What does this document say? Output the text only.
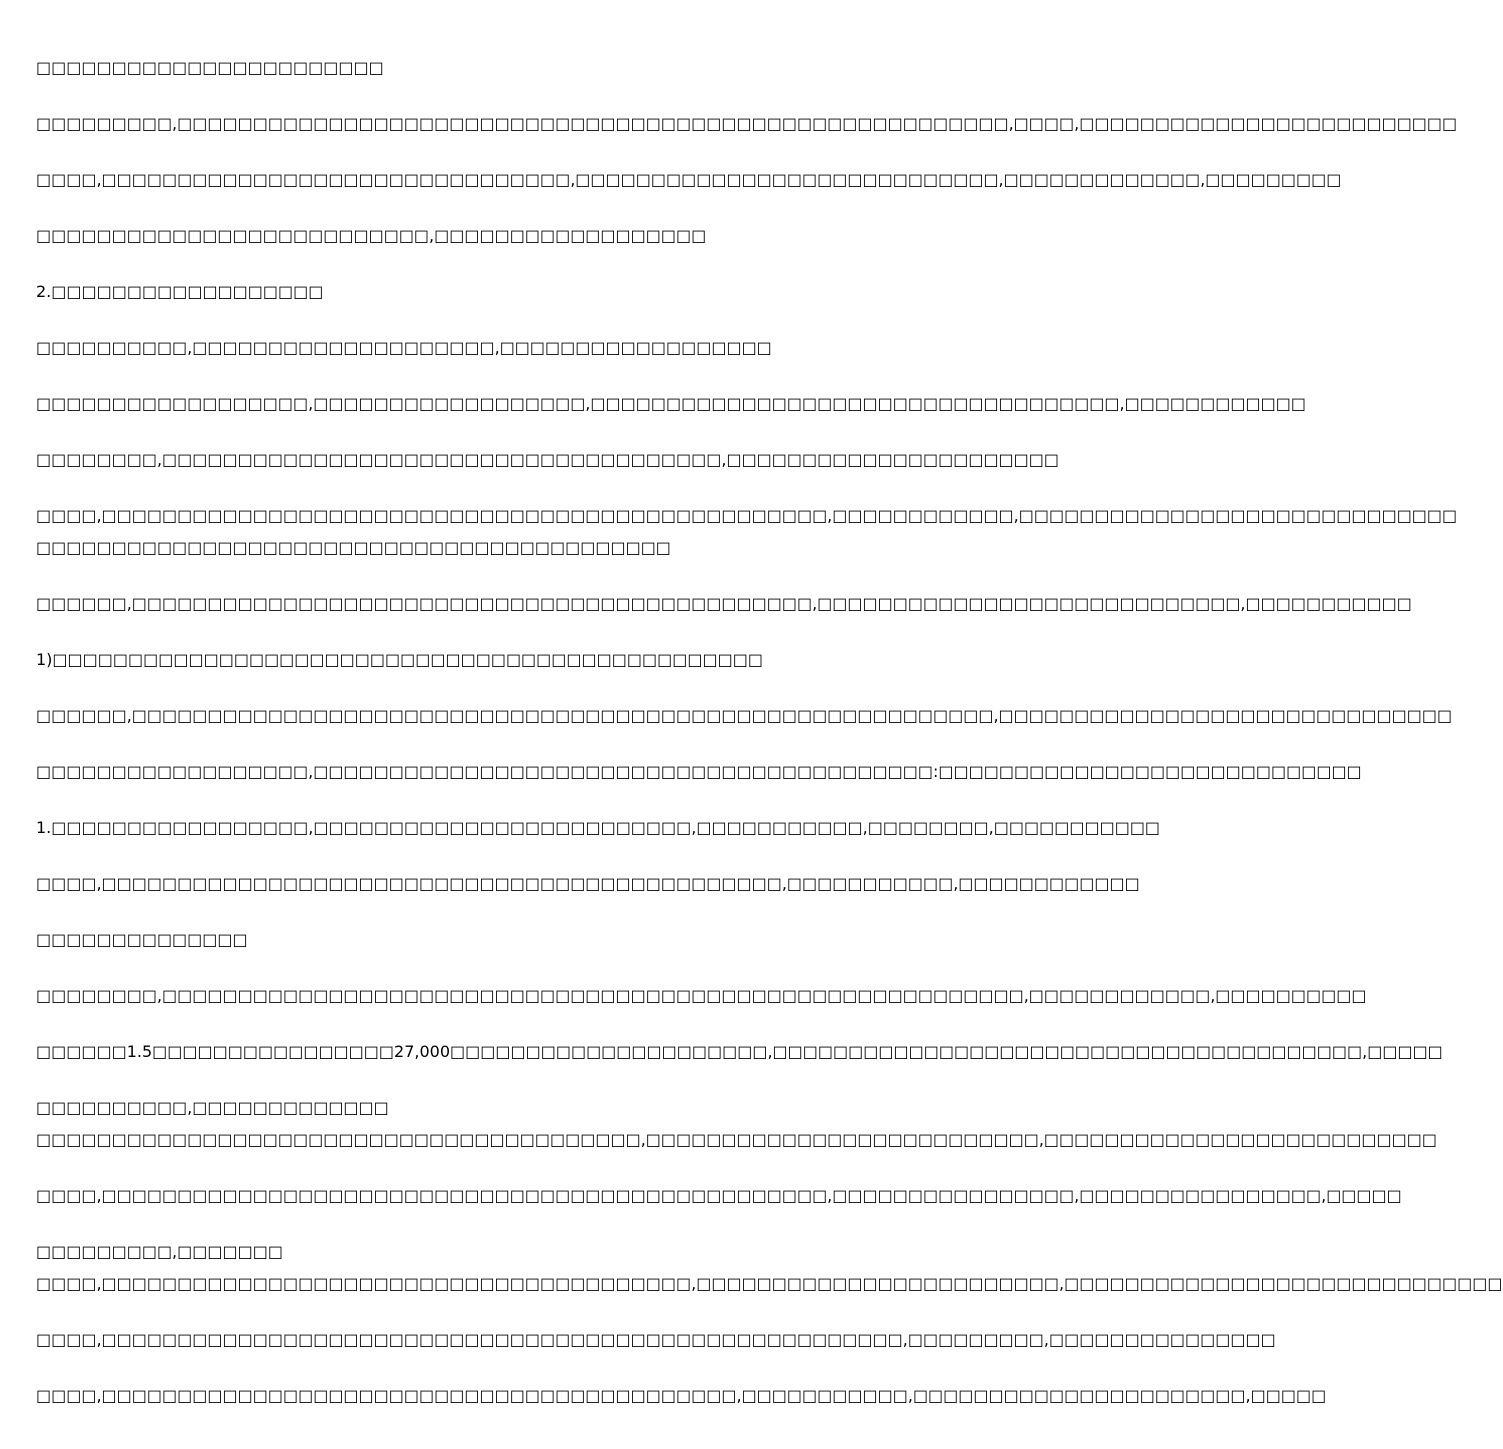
□□□□□□□□□□□□□□□□□□□□□□□
□□□□□□□□□,□□□□□□□□□□□□□□□□□□□□□□□□□□□□□□□□□□□□□□□□□□□□□□□□□□□□□□□,□□□□,□□□□□□□□□□□□□□□□□□□□□□□□□
□□□□,□□□□□□□□□□□□□□□□□□□□□□□□□□□□□□□,□□□□□□□□□□□□□□□□□□□□□□□□□□□□,□□□□□□□□□□□□□,□□□□□□□□□
□□□□□□□□□□□□□□□□□□□□□□□□□□,□□□□□□□□□□□□□□□□□□
2.□□□□□□□□□□□□□□□□□□
□□□□□□□□□□,□□□□□□□□□□□□□□□□□□□□,□□□□□□□□□□□□□□□□□□
□□□□□□□□□□□□□□□□□□,□□□□□□□□□□□□□□□□□□,□□□□□□□□□□□□□□□□□□□□□□□□□□□□□□□□□□□,□□□□□□□□□□□□
□□□□□□□□,□□□□□□□□□□□□□□□□□□□□□□□□□□□□□□□□□□□□□,□□□□□□□□□□□□□□□□□□□□□□
□□□□,□□□□□□□□□□□□□□□□□□□□□□□□□□□□□□□□□□□□□□□□□□□□□□□□,□□□□□□□□□□□□,□□□□□□□□□□□□□□□□□□□□□□□□□□□□□
□□□□□□□□□□□□□□□□□□□□□□□□□□□□□□□□□□□□□□□□□□
□□□□□□,□□□□□□□□□□□□□□□□□□□□□□□□□□□□□□□□□□□□□□□□□□□□□,□□□□□□□□□□□□□□□□□□□□□□□□□□□□,□□□□□□□□□□□
1)□□□□□□□□□□□□□□□□□□□□□□□□□□□□□□□□□□□□□□□□□□□□□□□
□□□□□□,□□□□□□□□□□□□□□□□□□□□□□□□□□□□□□□□□□□□□□□□□□□□□□□□□□□□□□□□□,□□□□□□□□□□□□□□□□□□□□□□□□□□□□□□
□□□□□□□□□□□□□□□□□□,□□□□□□□□□□□□□□□□□□□□□□□□□□□□□□□□□□□□□□□□□:□□□□□□□□□□□□□□□□□□□□□□□□□□□□
1.□□□□□□□□□□□□□□□□□,□□□□□□□□□□□□□□□□□□□□□□□□□,□□□□□□□□□□□,□□□□□□□□,□□□□□□□□□□□
□□□□,□□□□□□□□□□□□□□□□□□□□□□□□□□□□□□□□□□□□□□□□□□□□□,□□□□□□□□□□□,□□□□□□□□□□□□
□□□□□□□□□□□□□□
□□□□□□□□,□□□□□□□□□□□□□□□□□□□□□□□□□□□□□□□□□□□□□□□□□□□□□□□□□□□□□□□□□,□□□□□□□□□□□□,□□□□□□□□□□
□□□□□□1.5□□□□□□□□□□□□□□□□27,000□□□□□□□□□□□□□□□□□□□□□,□□□□□□□□□□□□□□□□□□□□□□□□□□□□□□□□□□□□□□□,□□□□□
□□□□□□□□□□,□□□□□□□□□□□□□
□□□□□□□□□□□□□□□□□□□□□□□□□□□□□□□□□□□□□□□□,□□□□□□□□□□□□□□□□□□□□□□□□□□,□□□□□□□□□□□□□□□□□□□□□□□□□□
□□□□,□□□□□□□□□□□□□□□□□□□□□□□□□□□□□□□□□□□□□□□□□□□□□□□□,□□□□□□□□□□□□□□□□,□□□□□□□□□□□□□□□□,□□□□□
□□□□□□□□□,□□□□□□□
□□□□,□□□□□□□□□□□□□□□□□□□□□□□□□□□□□□□□□□□□□□□,□□□□□□□□□□□□□□□□□□□□□□□□,□□□□□□□□□□□□□□□□□□□□□□□□□□□□□
□□□□,□□□□□□□□□□□□□□□□□□□□□□□□□□□□□□□□□□□□□□□□□□□□□□□□□□□□□,□□□□□□□□□,□□□□□□□□□□□□□□□
□□□□,□□□□□□□□□□□□□□□□□□□□□□□□□□□□□□□□□□□□□□□□□□,□□□□□□□□□□□,□□□□□□□□□□□□□□□□□□□□□□,□□□□□
